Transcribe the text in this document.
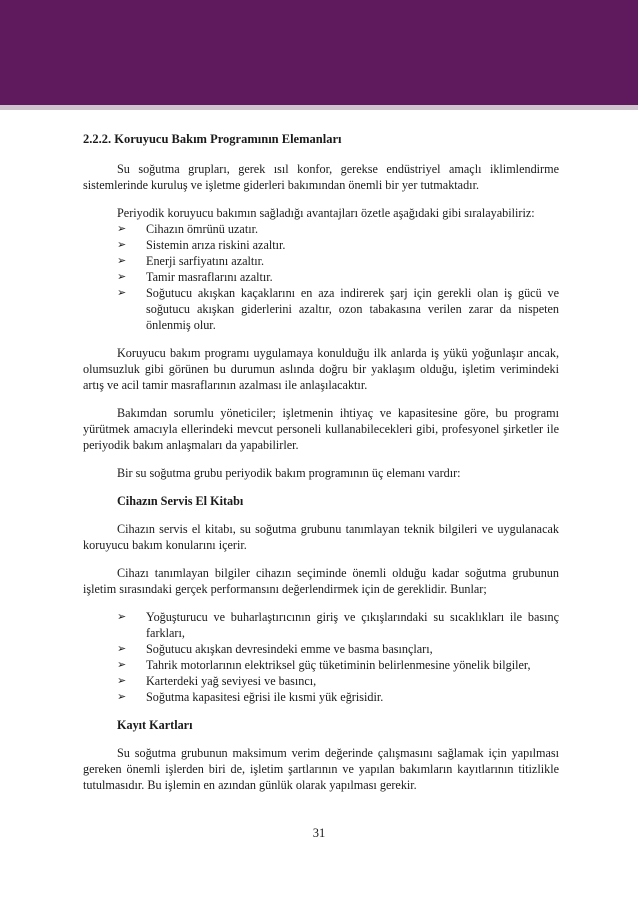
2.2.2. Koruyucu Bakım Programının Elemanları

Su soğutma grupları, gerek ısıl konfor, gerekse endüstriyel amaçlı iklimlendirme sistemlerinde kuruluş ve işletme giderleri bakımından önemli bir yer tutmaktadır.

Periyodik koruyucu bakımın sağladığı avantajları özetle aşağıdaki gibi sıralayabiliriz:

➢	Cihazın ömrünü uzatır.
➢	Sistemin arıza riskini azaltır.
➢	Enerji sarfiyatını azaltır.
➢	Tamir masraflarını azaltır.
➢	Soğutucu akışkan kaçaklarını en aza indirerek şarj için gerekli olan iş gücü ve soğutucu akışkan giderlerini azaltır, ozon tabakasına verilen zarar da nispeten önlenmiş olur.

Koruyucu bakım programı uygulamaya konulduğu ilk anlarda iş yükü yoğunlaşır ancak, olumsuzluk gibi görünen bu durumun aslında doğru bir yaklaşım olduğu, işletim verimindeki artış ve acil tamir masraflarının azalması ile anlaşılacaktır.

Bakımdan sorumlu yöneticiler; işletmenin ihtiyaç ve kapasitesine göre, bu programı yürütmek amacıyla ellerindeki mevcut personeli kullanabilecekleri gibi, profesyonel şirketler ile periyodik bakım anlaşmaları da yapabilirler.

Bir su soğutma grubu periyodik bakım programının üç elemanı vardır:

Cihazın Servis El Kitabı

Cihazın servis el kitabı, su soğutma grubunu tanımlayan teknik bilgileri ve uygulanacak koruyucu bakım konularını içerir.

Cihazı tanımlayan bilgiler cihazın seçiminde önemli olduğu kadar soğutma grubunun işletim sırasındaki gerçek performansını değerlendirmek için de gereklidir. Bunlar;

➢	Yoğuşturucu ve buharlaştırıcının giriş ve çıkışlarındaki su sıcaklıkları ile basınç farkları,
➢	Soğutucu akışkan devresindeki emme ve basma basınçları,
➢	Tahrik motorlarının elektriksel güç tüketiminin belirlenmesine yönelik bilgiler,
➢	Karterdeki yağ seviyesi ve basıncı,
➢	Soğutma kapasitesi eğrisi ile kısmi yük eğrisidir.
Kayıt Kartları

Su soğutma grubunun maksimum verim değerinde çalışmasını sağlamak için yapılması gereken önemli işlerden biri de, işletim şartlarının ve yapılan bakımların kayıtlarının titizlikle tutulmasıdır. Bu işlemin en azından günlük olarak yapılması gerekir.

31
